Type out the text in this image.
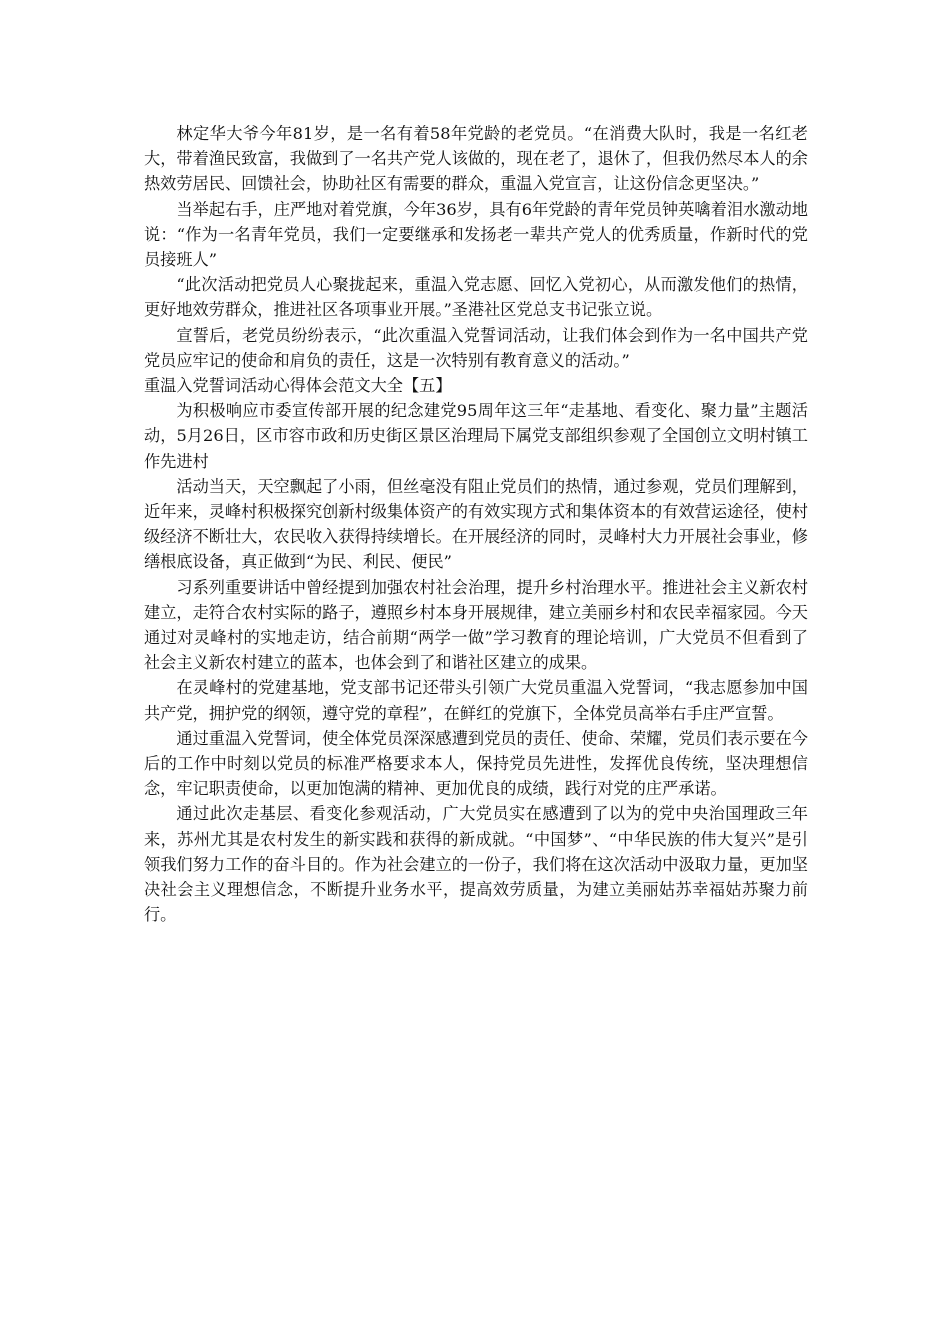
林定华大爷今年81岁，是一名有着58年党龄的老党员。“在消费大队时，我是一名红老大，带着渔民致富，我做到了一名共产党人该做的，现在老了，退休了，但我仍然尽本人的余热效劳居民、回馈社会，协助社区有需要的群众，重温入党宣言，让这份信念更坚决。”

当举起右手，庄严地对着党旗，今年36岁，具有6年党龄的青年党员钟英噙着泪水激动地说：“作为一名青年党员，我们一定要继承和发扬老一辈共产党人的优秀质量，作新时代的党员接班人”

“此次活动把党员人心聚拢起来，重温入党志愿、回忆入党初心，从而激发他们的热情，更好地效劳群众，推进社区各项事业开展。”圣港社区党总支书记张立说。

宣誓后，老党员纷纷表示，“此次重温入党誓词活动，让我们体会到作为一名中国共产党党员应牢记的使命和肩负的责任，这是一次特别有教育意义的活动。”

重温入党誓词活动心得体会范文大全【五】

为积极响应市委宣传部开展的纪念建党95周年这三年“走基地、看变化、聚力量”主题活动，5月26日，区市容市政和历史街区景区治理局下属党支部组织参观了全国创立文明村镇工作先进村

活动当天，天空飘起了小雨，但丝毫没有阻止党员们的热情，通过参观，党员们理解到，近年来，灵峰村积极探究创新村级集体资产的有效实现方式和集体资本的有效营运途径，使村级经济不断壮大，农民收入获得持续增长。在开展经济的同时，灵峰村大力开展社会事业，修缮根底设备，真正做到“为民、利民、便民”

习系列重要讲话中曾经提到加强农村社会治理，提升乡村治理水平。推进社会主义新农村建立，走符合农村实际的路子，遵照乡村本身开展规律，建立美丽乡村和农民幸福家园。今天通过对灵峰村的实地走访，结合前期“两学一做”学习教育的理论培训，广大党员不但看到了社会主义新农村建立的蓝本，也体会到了和谐社区建立的成果。

在灵峰村的党建基地，党支部书记还带头引领广大党员重温入党誓词，“我志愿参加中国共产党，拥护党的纲领，遵守党的章程”，在鲜红的党旗下，全体党员高举右手庄严宣誓。

通过重温入党誓词，使全体党员深深感遭到党员的责任、使命、荣耀，党员们表示要在今后的工作中时刻以党员的标准严格要求本人，保持党员先进性，发挥优良传统，坚决理想信念，牢记职责使命，以更加饱满的精神、更加优良的成绩，践行对党的庄严承诺。

通过此次走基层、看变化参观活动，广大党员实在感遭到了以为的党中央治国理政三年来，苏州尤其是农村发生的新实践和获得的新成就。“中国梦”、“中华民族的伟大复兴”是引领我们努力工作的奋斗目的。作为社会建立的一份子，我们将在这次活动中汲取力量，更加坚决社会主义理想信念，不断提升业务水平，提高效劳质量，为建立美丽姑苏幸福姑苏聚力前行。
